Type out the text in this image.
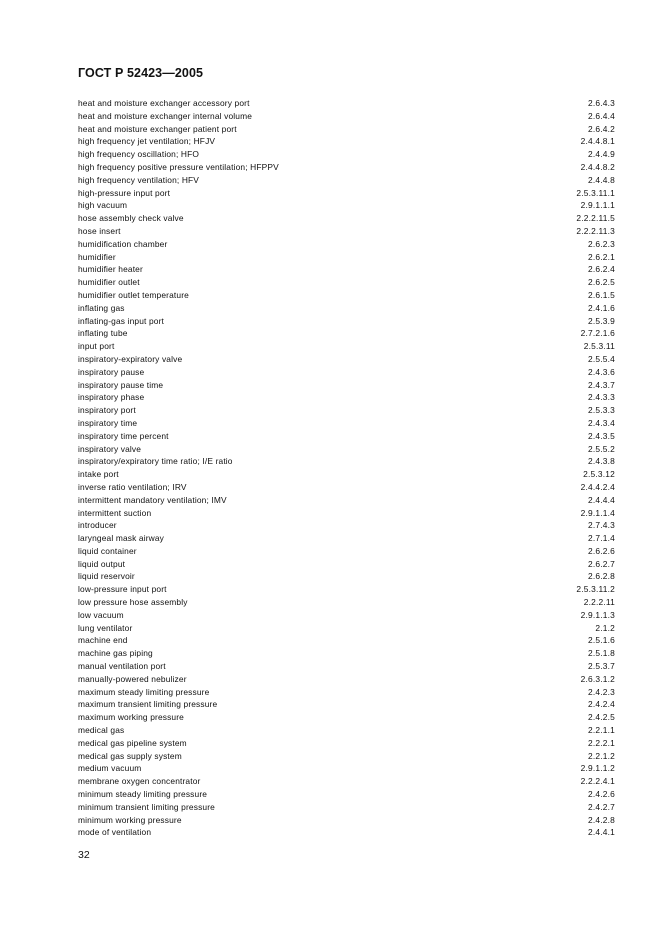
ГОСТ Р 52423—2005
heat and moisture exchanger accessory port	2.6.4.3
heat and moisture exchanger internal volume	2.6.4.4
heat and moisture exchanger patient port	2.6.4.2
high frequency jet ventilation; HFJV	2.4.4.8.1
high frequency oscillation; HFO	2.4.4.9
high frequency positive pressure ventilation; HFPPV	2.4.4.8.2
high frequency ventilation; HFV	2.4.4.8
high-pressure input port	2.5.3.11.1
high vacuum	2.9.1.1.1
hose assembly check valve	2.2.2.11.5
hose insert	2.2.2.11.3
humidification chamber	2.6.2.3
humidifier	2.6.2.1
humidifier heater	2.6.2.4
humidifier outlet	2.6.2.5
humidifier outlet temperature	2.6.1.5
inflating gas	2.4.1.6
inflating-gas input port	2.5.3.9
inflating tube	2.7.2.1.6
input port	2.5.3.11
inspiratory-expiratory valve	2.5.5.4
inspiratory pause	2.4.3.6
inspiratory pause time	2.4.3.7
inspiratory phase	2.4.3.3
inspiratory port	2.5.3.3
inspiratory time	2.4.3.4
inspiratory time percent	2.4.3.5
inspiratory valve	2.5.5.2
inspiratory/expiratory time ratio; I/E ratio	2.4.3.8
intake port	2.5.3.12
inverse ratio ventilation; IRV	2.4.4.2.4
intermittent mandatory ventilation; IMV	2.4.4.4
intermittent suction	2.9.1.1.4
introducer	2.7.4.3
laryngeal mask airway	2.7.1.4
liquid container	2.6.2.6
liquid output	2.6.2.7
liquid reservoir	2.6.2.8
low-pressure input port	2.5.3.11.2
low pressure hose assembly	2.2.2.11
low vacuum	2.9.1.1.3
lung ventilator	2.1.2
machine end	2.5.1.6
machine gas piping	2.5.1.8
manual ventilation port	2.5.3.7
manually-powered nebulizer	2.6.3.1.2
maximum steady limiting pressure	2.4.2.3
maximum transient limiting pressure	2.4.2.4
maximum working pressure	2.4.2.5
medical gas	2.2.1.1
medical gas pipeline system	2.2.2.1
medical gas supply system	2.2.1.2
medium vacuum	2.9.1.1.2
membrane oxygen concentrator	2.2.2.4.1
minimum steady limiting pressure	2.4.2.6
minimum transient limiting pressure	2.4.2.7
minimum working pressure	2.4.2.8
mode of ventilation	2.4.4.1
32
